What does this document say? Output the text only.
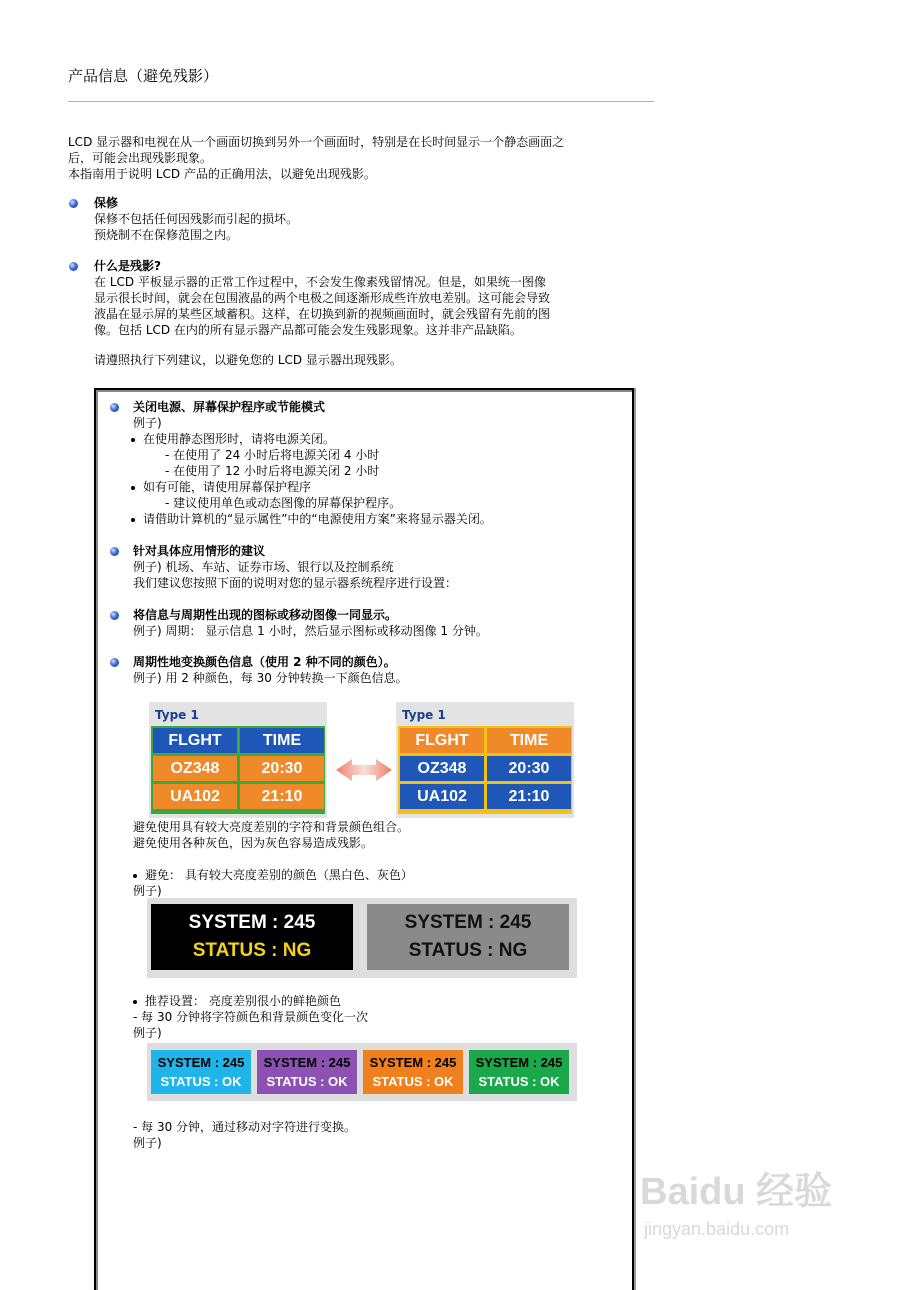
产品信息（避免残影）
LCD 显示器和电视在从一个画面切换到另外一个画面时，特别是在长时间显示一个静态画面之
后，可能会出现残影现象。
本指南用于说明 LCD 产品的正确用法，以避免出现残影。
保修
保修不包括任何因残影而引起的损坏。
预烧制不在保修范围之内。
什么是残影?
在 LCD 平板显示器的正常工作过程中，不会发生像素残留情况。但是，如果统一图像
显示很长时间，就会在包围液晶的两个电极之间逐渐形成些许放电差别。这可能会导致
液晶在显示屏的某些区域蓄积。这样，在切换到新的视频画面时，就会残留有先前的图
像。包括 LCD 在内的所有显示器产品都可能会发生残影现象。这并非产品缺陷。
请遵照执行下列建议，以避免您的 LCD 显示器出现残影。
关闭电源、屏幕保护程序或节能模式
例子)
在使用静态图形时，请将电源关闭。
- 在使用了 24 小时后将电源关闭 4 小时
- 在使用了 12 小时后将电源关闭 2 小时
如有可能，请使用屏幕保护程序
- 建议使用单色或动态图像的屏幕保护程序。
请借助计算机的“显示属性”中的“电源使用方案”来将显示器关闭。
针对具体应用情形的建议
例子) 机场、车站、证券市场、银行以及控制系统
我们建议您按照下面的说明对您的显示器系统程序进行设置：
将信息与周期性出现的图标或移动图像一同显示。
例子) 周期： 显示信息 1 小时，然后显示图标或移动图像 1 分钟。
周期性地变换颜色信息（使用 2 种不同的颜色）。
例子) 用 2 种颜色，每 30 分钟转换一下颜色信息。
Type 1
FLGHT	TIME
OZ348	20:30
UA102	21:10
Type 1
FLGHT	TIME
OZ348	20:30
UA102	21:10
避免使用具有较大亮度差别的字符和背景颜色组合。
避免使用各种灰色，因为灰色容易造成残影。
避免： 具有较大亮度差别的颜色（黑白色、灰色）
例子)
SYSTEM : 245
STATUS : NG
SYSTEM : 245
STATUS : NG
推荐设置： 亮度差别很小的鲜艳颜色
- 每 30 分钟将字符颜色和背景颜色变化一次
例子)
SYSTEM : 245
STATUS : OK
SYSTEM : 245
STATUS : OK
SYSTEM : 245
STATUS : OK
SYSTEM : 245
STATUS : OK
- 每 30 分钟，通过移动对字符进行变换。
例子)
Baidu 经验
jingyan.baidu.com
